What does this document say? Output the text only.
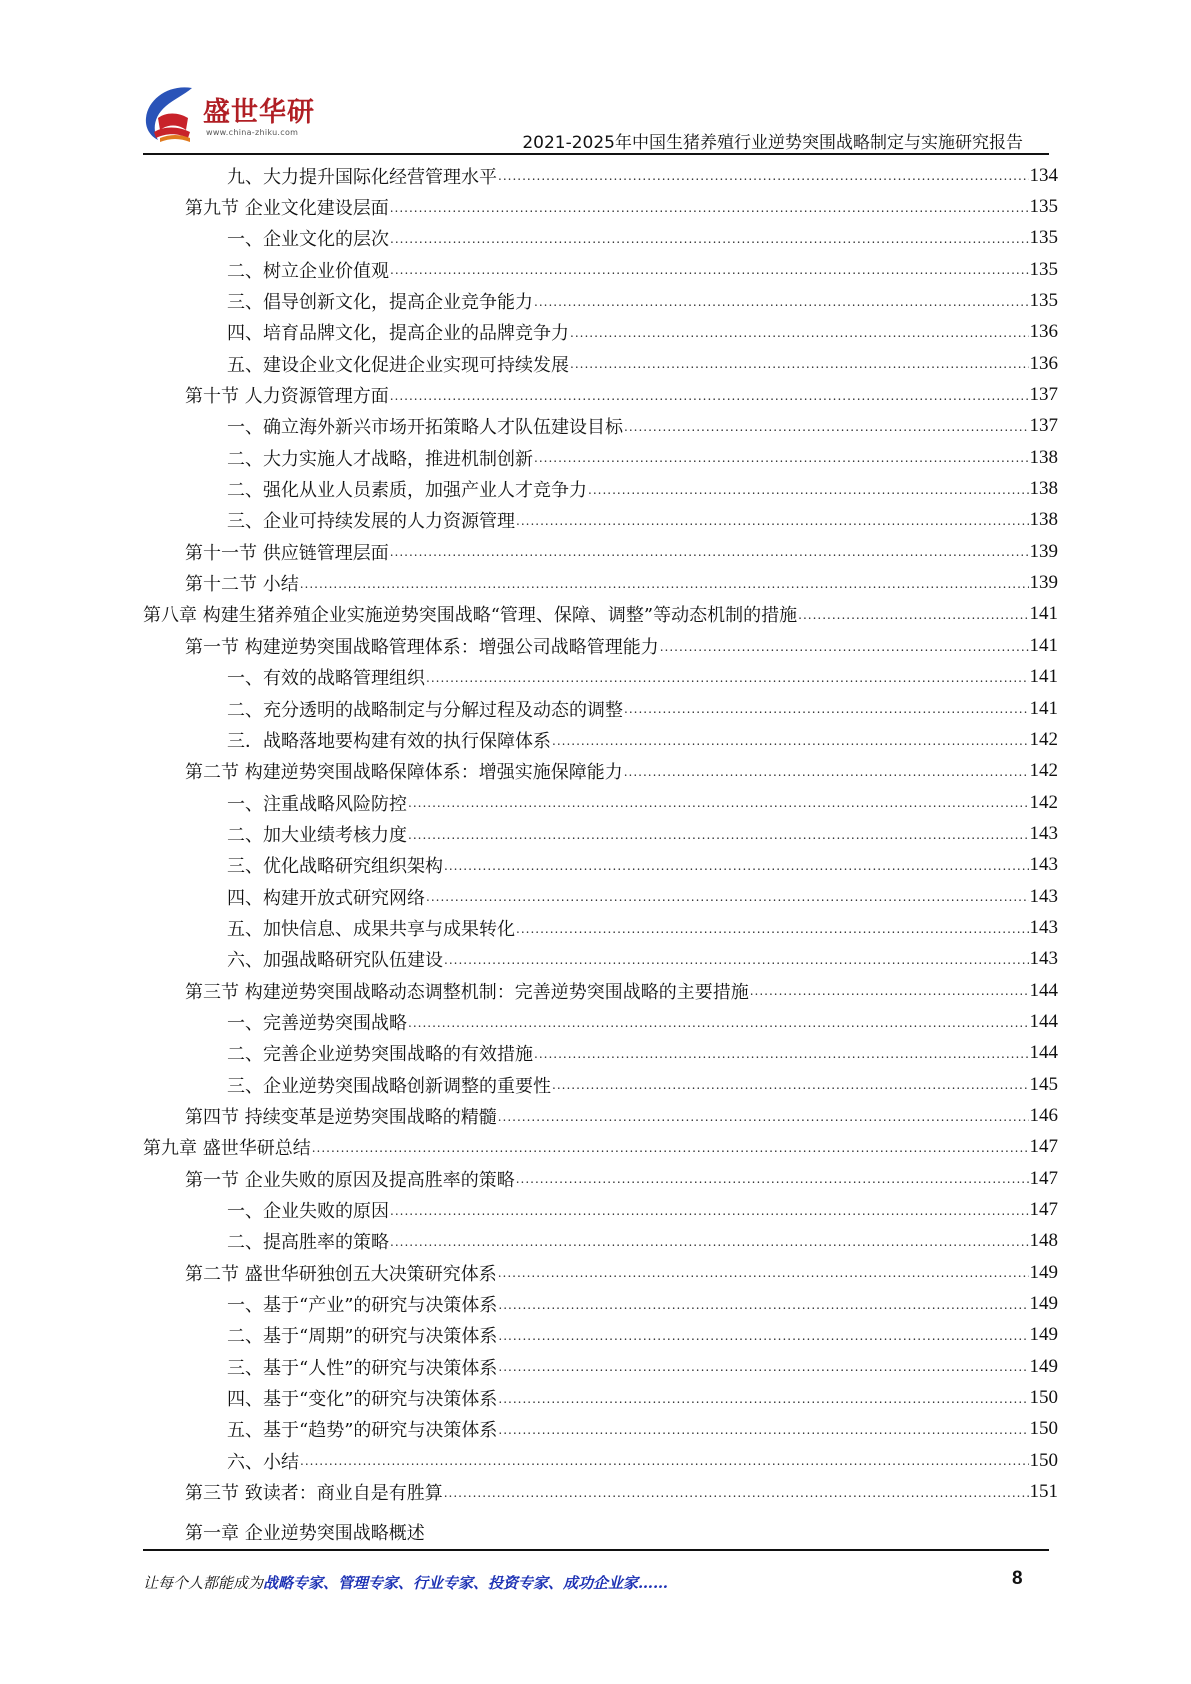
盛世华研
www.china-zhiku.com
2021-2025年中国生猪养殖行业逆势突围战略制定与实施研究报告
九、大力提升国际化经营管理水平 .....	134
第九节 企业文化建设层面 .....	135
一、企业文化的层次 .....	135
二、树立企业价值观 .....	135
三、倡导创新文化，提高企业竞争能力 .....	135
四、培育品牌文化，提高企业的品牌竞争力 .....	136
五、建设企业文化促进企业实现可持续发展 .....	136
第十节 人力资源管理方面 .....	137
一、确立海外新兴市场开拓策略人才队伍建设目标 .....	137
二、大力实施人才战略，推进机制创新 .....	138
二、强化从业人员素质，加强产业人才竞争力 .....	138
三、企业可持续发展的人力资源管理 .....	138
第十一节 供应链管理层面 .....	139
第十二节 小结 .....	139
第八章 构建生猪养殖企业实施逆势突围战略“管理、保障、调整”等动态机制的措施 .....	141
第一节 构建逆势突围战略管理体系：增强公司战略管理能力 .....	141
一、有效的战略管理组织 .....	141
二、充分透明的战略制定与分解过程及动态的调整 .....	141
三．战略落地要构建有效的执行保障体系 .....	142
第二节 构建逆势突围战略保障体系：增强实施保障能力 .....	142
一、注重战略风险防控 .....	142
二、加大业绩考核力度 .....	143
三、优化战略研究组织架构 .....	143
四、构建开放式研究网络 .....	143
五、加快信息、成果共享与成果转化 .....	143
六、加强战略研究队伍建设 .....	143
第三节 构建逆势突围战略动态调整机制：完善逆势突围战略的主要措施 .....	144
一、完善逆势突围战略 .....	144
二、完善企业逆势突围战略的有效措施 .....	144
三、企业逆势突围战略创新调整的重要性 .....	145
第四节 持续变革是逆势突围战略的精髓 .....	146
第九章 盛世华研总结 .....	147
第一节 企业失败的原因及提高胜率的策略 .....	147
一、企业失败的原因 .....	147
二、提高胜率的策略 .....	148
第二节 盛世华研独创五大决策研究体系 .....	149
一、基于“产业”的研究与决策体系 .....	149
二、基于“周期”的研究与决策体系 .....	149
三、基于“人性”的研究与决策体系 .....	149
四、基于“变化”的研究与决策体系 .....	150
五、基于“趋势”的研究与决策体系 .....	150
六、小结 .....	150
第三节 致读者：商业自是有胜算 .....	151
第一章 企业逆势突围战略概述
让每个人都能成为战略专家、管理专家、行业专家、投资专家、成功企业家……	8
